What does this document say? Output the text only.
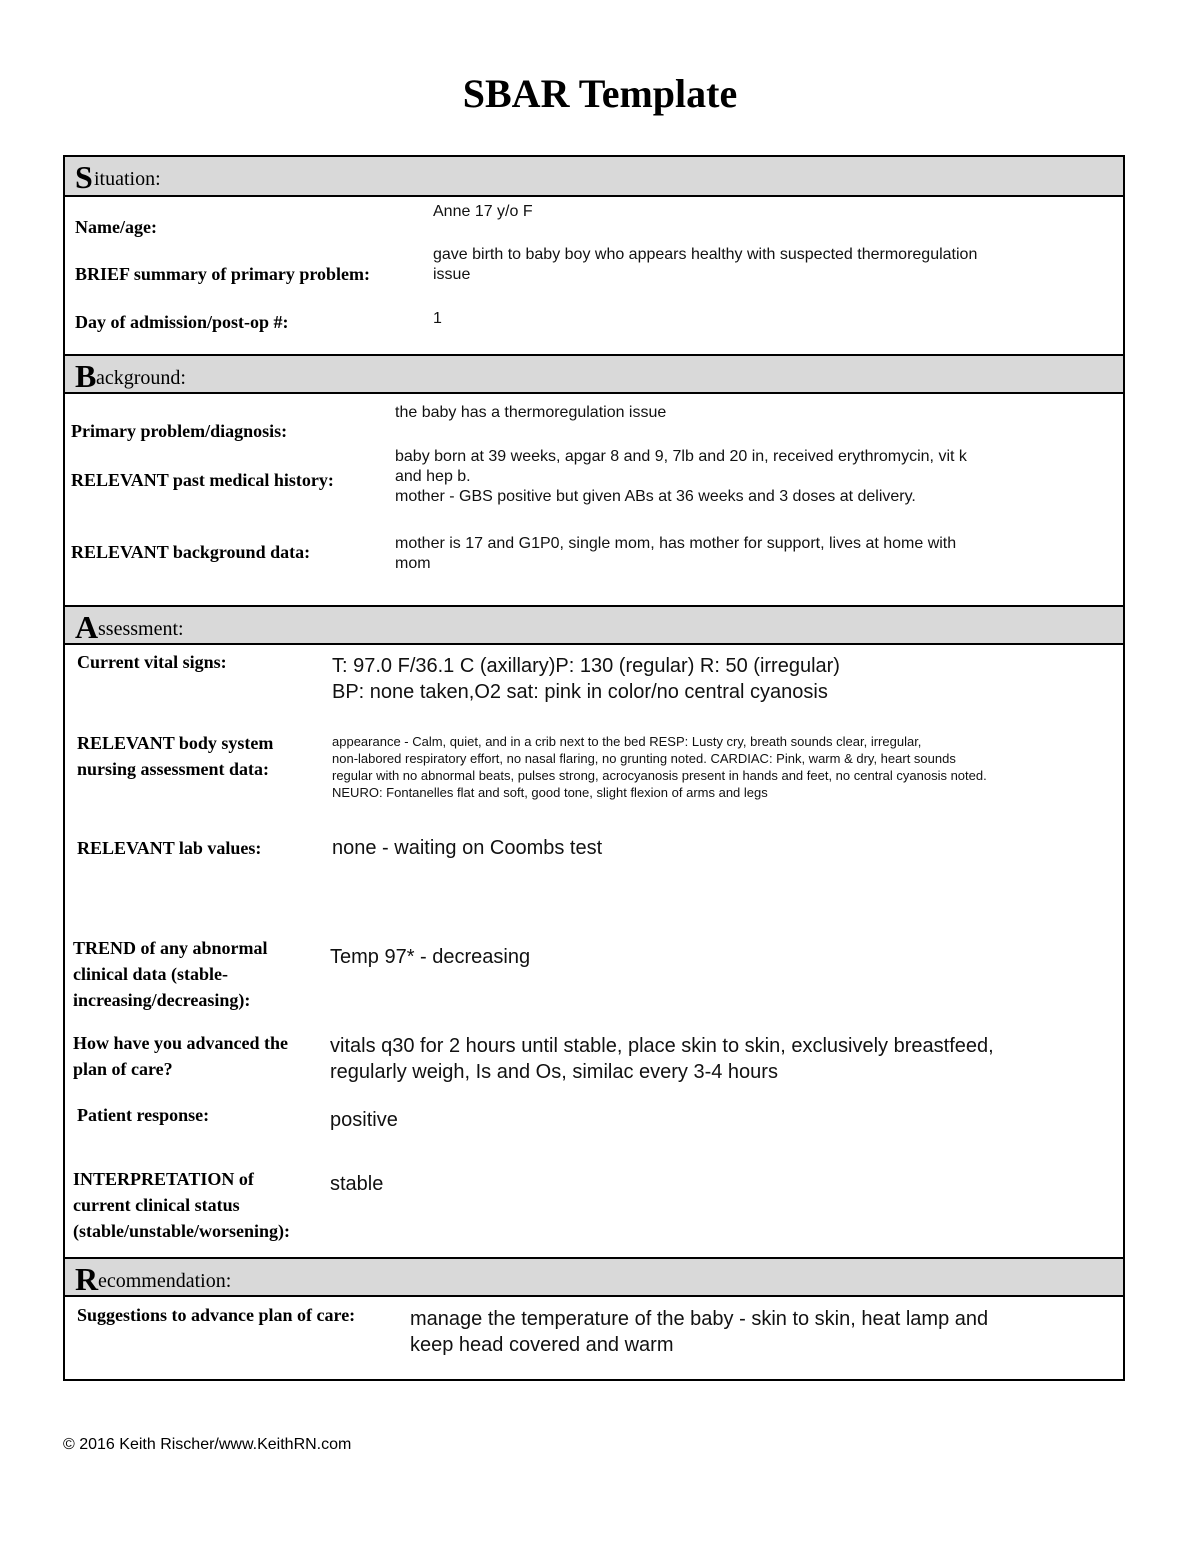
SBAR Template
S ituation:
Name/age:
Anne 17 y/o F
BRIEF summary of primary problem:
gave birth to baby boy who appears healthy with suspected thermoregulation
issue
Day of admission/post-op #:	1
B ackground:
Primary problem/diagnosis:
the baby has a thermoregulation issue
RELEVANT past medical history:
baby born at 39 weeks, apgar 8 and 9, 7lb and 20 in, received erythromycin, vit k
and hep b.
mother - GBS positive but given ABs at 36 weeks and 3 doses at delivery.
RELEVANT background data:	mother is 17 and G1P0, single mom, has mother for support, lives at home with
mom
A ssessment:
Current vital signs:	T: 97.0 F/36.1 C (axillary)P: 130 (regular) R: 50 (irregular)
BP: none taken,O2 sat: pink in color/no central cyanosis
RELEVANT body system
nursing assessment data:
appearance - Calm, quiet, and in a crib next to the bed RESP: Lusty cry, breath sounds clear, irregular,
non-labored respiratory effort, no nasal flaring, no grunting noted. CARDIAC: Pink, warm & dry, heart sounds
regular with no abnormal beats, pulses strong, acrocyanosis present in hands and feet, no central cyanosis noted.
NEURO: Fontanelles flat and soft, good tone, slight flexion of arms and legs
RELEVANT lab values:	none - waiting on Coombs test
TREND of any abnormal
clinical data (stable-
increasing/decreasing):
Temp 97* - decreasing
How have you advanced the
plan of care?
vitals q30 for 2 hours until stable, place skin to skin, exclusively breastfeed,
regularly weigh, Is and Os, similac every 3-4 hours
Patient response:	positive
INTERPRETATION of
current clinical status
(stable/unstable/worsening):
stable
R ecommendation:
Suggestions to advance plan of care:	manage the temperature of the baby - skin to skin, heat lamp and
keep head covered and warm
© 2016 Keith Rischer/www.KeithRN.com
